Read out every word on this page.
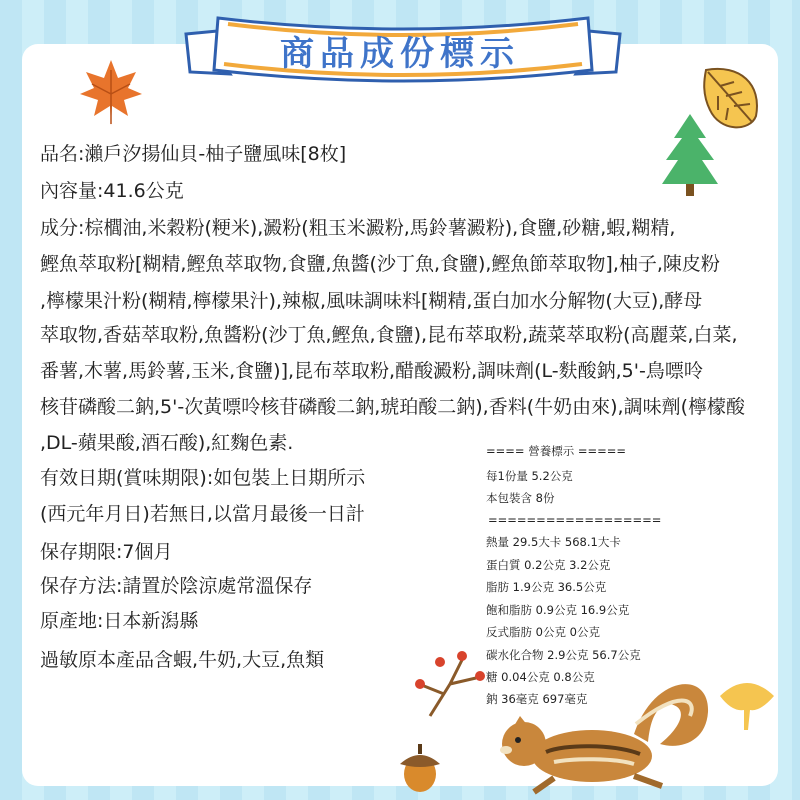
商品成份標示
品名:瀨戶汐揚仙貝-柚子鹽風味[8枚]
內容量:41.6公克
成分:棕櫚油,米穀粉(粳米),澱粉(粗玉米澱粉,馬鈴薯澱粉),食鹽,砂糖,蝦,糊精,
鰹魚萃取粉[糊精,鰹魚萃取物,食鹽,魚醬(沙丁魚,食鹽),鰹魚節萃取物],柚子,陳皮粉
,檸檬果汁粉(糊精,檸檬果汁),辣椒,風味調味料[糊精,蛋白加水分解物(大豆),酵母
萃取物,香菇萃取粉,魚醬粉(沙丁魚,鰹魚,食鹽),昆布萃取粉,蔬菜萃取粉(高麗菜,白菜,
番薯,木薯,馬鈴薯,玉米,食鹽)],昆布萃取粉,醋酸澱粉,調味劑(L-麩酸鈉,5'-鳥嘌呤
核苷磷酸二鈉,5'-次黃嘌呤核苷磷酸二鈉,琥珀酸二鈉),香料(牛奶由來),調味劑(檸檬酸
,DL-蘋果酸,酒石酸),紅麴色素.
有效日期(賞味期限):如包裝上日期所示
(西元年月日)若無日,以當月最後一日計
保存期限:7個月
保存方法:請置於陰涼處常溫保存
原產地:日本新潟縣
過敏原本產品含蝦,牛奶,大豆,魚類
==== 營養標示 =====
每1份量 5.2公克
本包裝含 8份
==================
熱量 29.5大卡 568.1大卡
蛋白質 0.2公克 3.2公克
脂肪 1.9公克 36.5公克
飽和脂肪 0.9公克 16.9公克
反式脂肪 0公克 0公克
碳水化合物 2.9公克 56.7公克
糖 0.04公克 0.8公克
鈉 36毫克 697毫克
